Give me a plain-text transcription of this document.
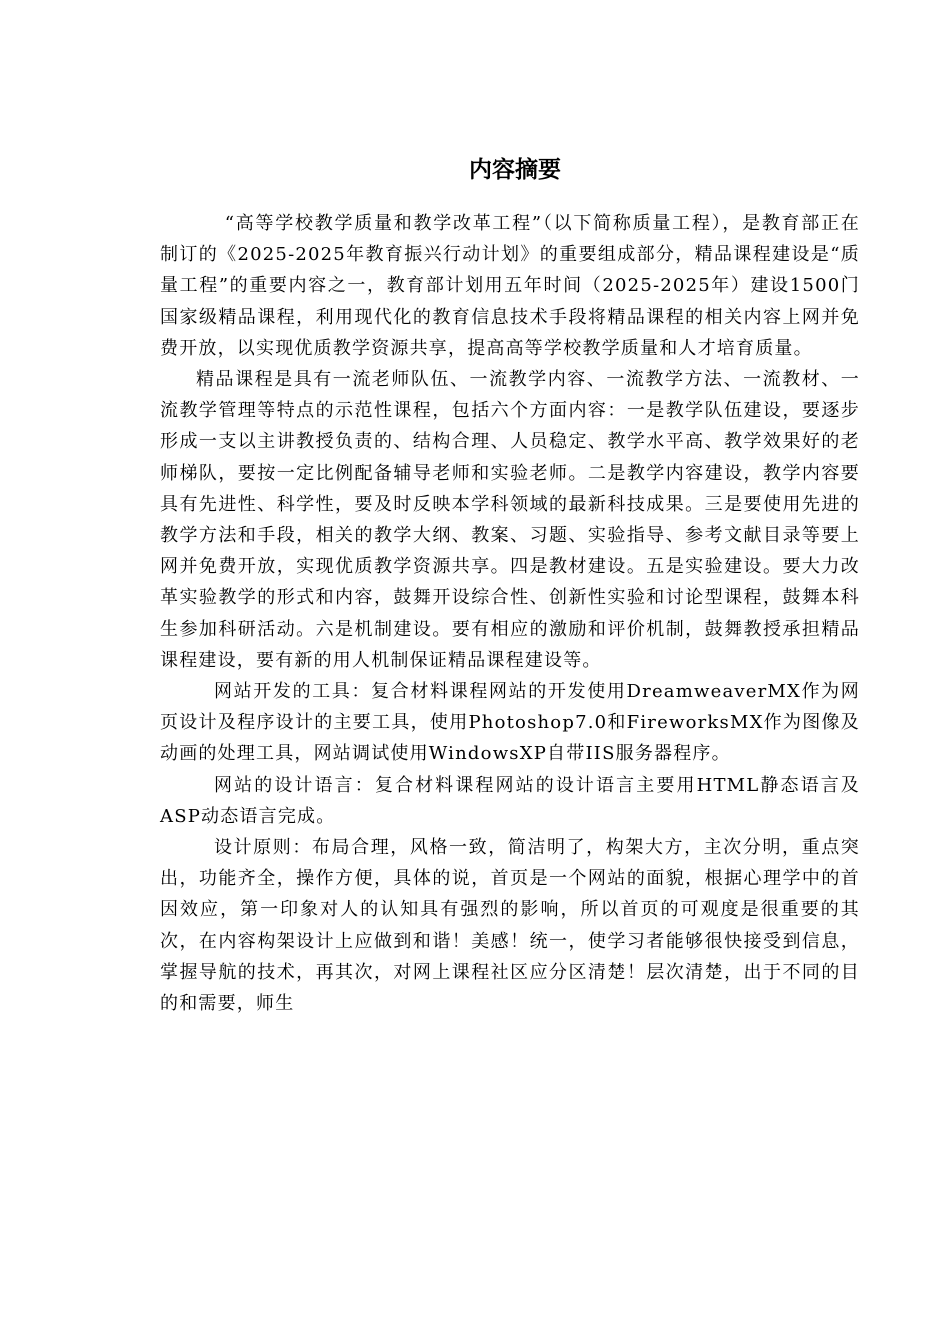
内容摘要

“高等学校教学质量和教学改革工程”（以下简称质量工程），是教育部正在制订的《2025-2025年教育振兴行动计划》的重要组成部分，精品课程建设是“质量工程”的重要内容之一，教育部计划用五年时间（2025-2025年）建设1500门国家级精品课程，利用现代化的教育信息技术手段将精品课程的相关内容上网并免费开放，以实现优质教学资源共享，提高高等学校教学质量和人才培育质量。

精品课程是具有一流老师队伍、一流教学内容、一流教学方法、一流教材、一流教学管理等特点的示范性课程，包括六个方面内容：一是教学队伍建设，要逐步形成一支以主讲教授负责的、结构合理、人员稳定、教学水平高、教学效果好的老师梯队，要按一定比例配备辅导老师和实验老师。二是教学内容建设，教学内容要具有先进性、科学性，要及时反映本学科领域的最新科技成果。三是要使用先进的教学方法和手段，相关的教学大纲、教案、习题、实验指导、参考文献目录等要上网并免费开放，实现优质教学资源共享。四是教材建设。五是实验建设。要大力改革实验教学的形式和内容，鼓舞开设综合性、创新性实验和讨论型课程，鼓舞本科生参加科研活动。六是机制建设。要有相应的激励和评价机制，鼓舞教授承担精品课程建设，要有新的用人机制保证精品课程建设等。

网站开发的工具：复合材料课程网站的开发使用DreamweaverMX作为网页设计及程序设计的主要工具，使用Photoshop7.0和FireworksMX作为图像及动画的处理工具，网站调试使用WindowsXP自带IIS服务器程序。

网站的设计语言：复合材料课程网站的设计语言主要用HTML静态语言及ASP动态语言完成。

设计原则：布局合理，风格一致，简洁明了，构架大方，主次分明，重点突出，功能齐全，操作方便，具体的说，首页是一个网站的面貌，根据心理学中的首因效应，第一印象对人的认知具有强烈的影响，所以首页的可观度是很重要的其次，在内容构架设计上应做到和谐！美感！统一，使学习者能够很快接受到信息，掌握导航的技术，再其次，对网上课程社区应分区清楚！层次清楚，出于不同的目的和需要，师生
